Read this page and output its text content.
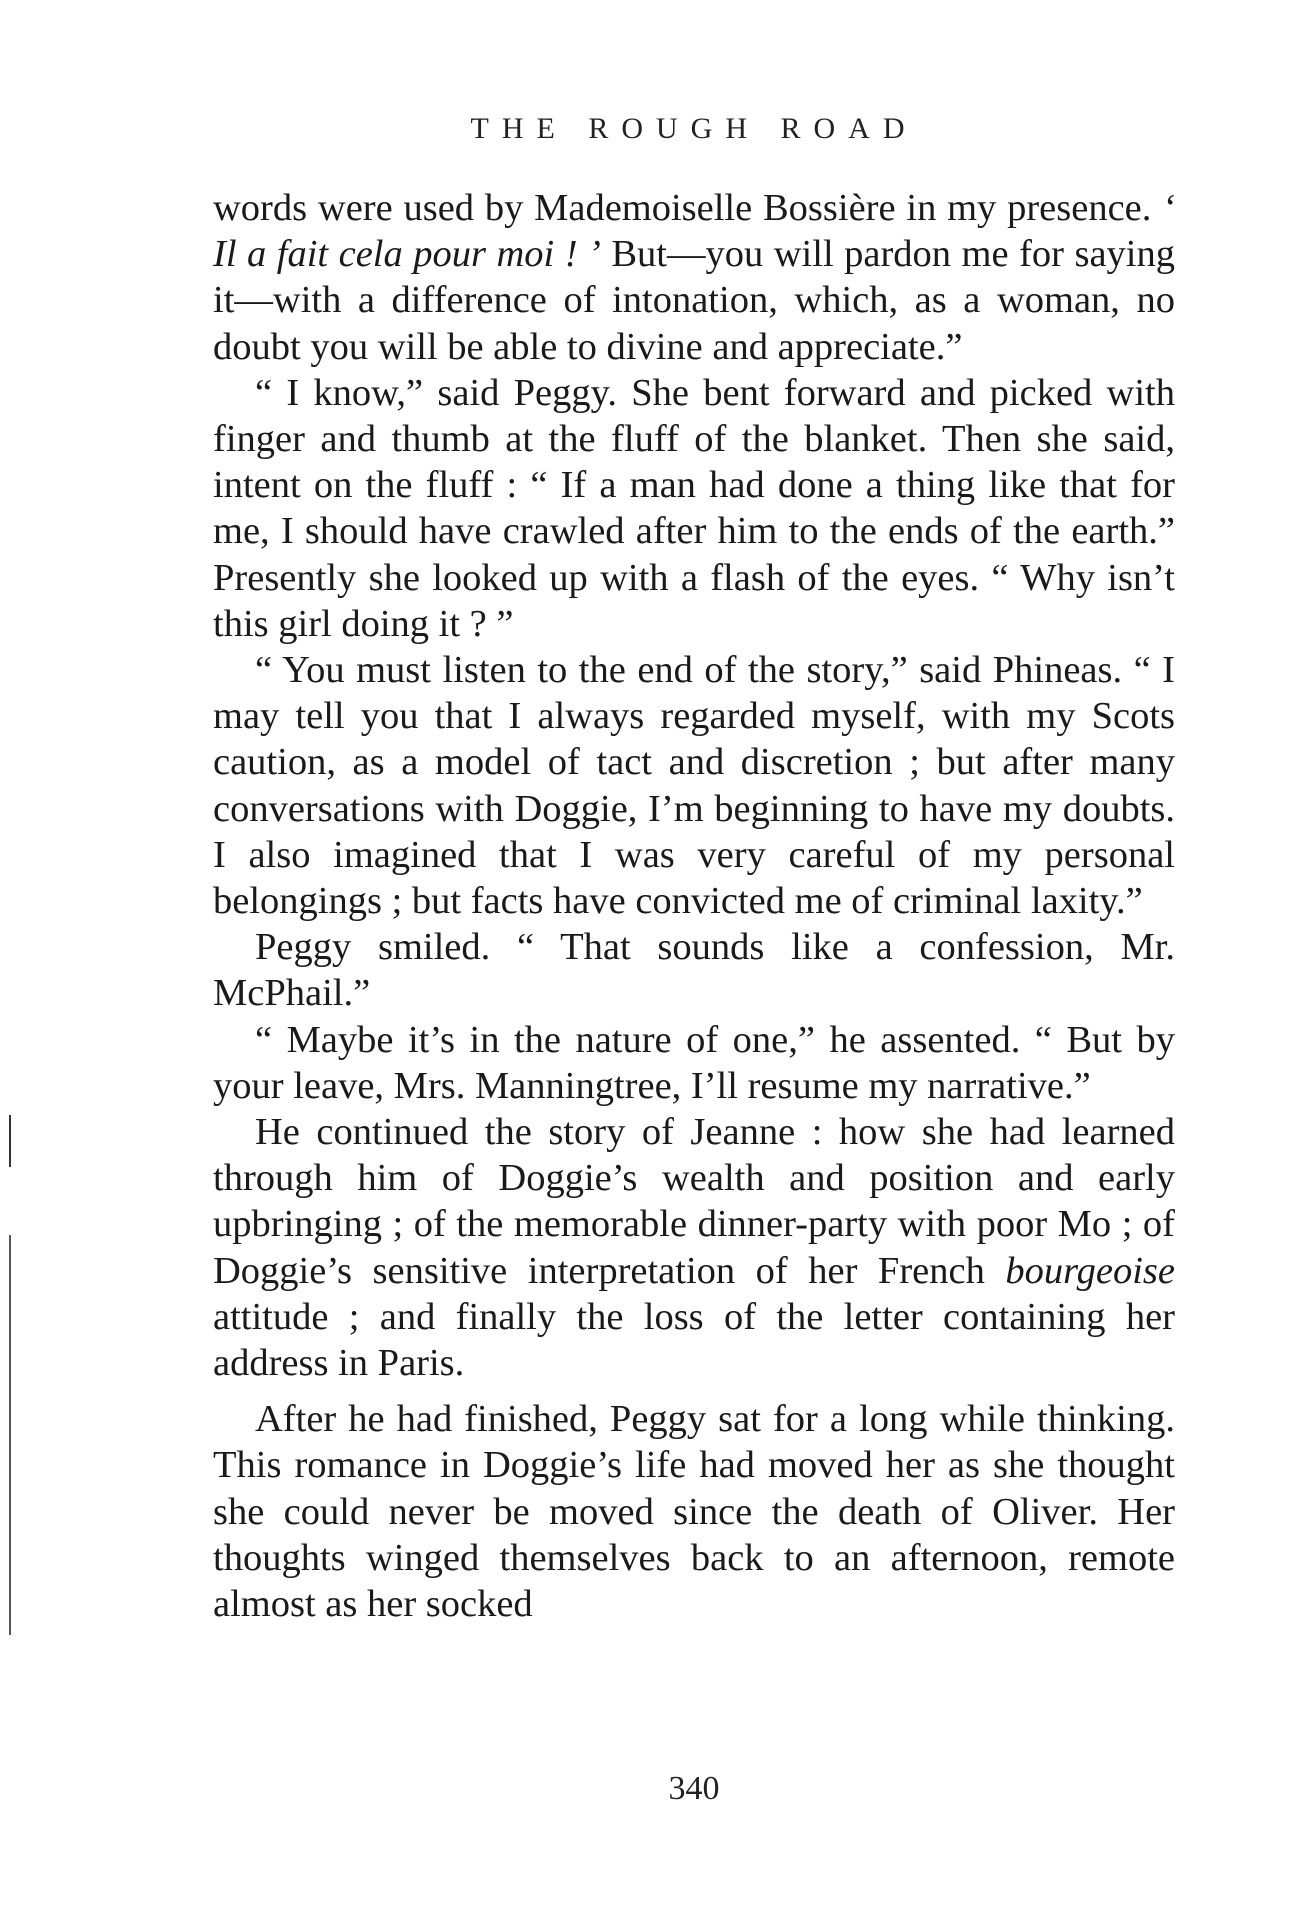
THE ROUGH ROAD

words were used by Mademoiselle Bossière in my presence. ‘ Il a fait cela pour moi ! ’ But—you will pardon me for saying it—with a difference of intonation, which, as a woman, no doubt you will be able to divine and appreciate.”

“ I know,” said Peggy. She bent forward and picked with finger and thumb at the fluff of the blanket. Then she said, intent on the fluff : “ If a man had done a thing like that for me, I should have crawled after him to the ends of the earth.” Presently she looked up with a flash of the eyes. “ Why isn’t this girl doing it ? ”

“ You must listen to the end of the story,” said Phineas. “ I may tell you that I always regarded myself, with my Scots caution, as a model of tact and discretion ; but after many conversations with Doggie, I’m beginning to have my doubts. I also imagined that I was very careful of my personal belongings ; but facts have convicted me of criminal laxity.”

Peggy smiled. “ That sounds like a confession, Mr. McPhail.”

“ Maybe it’s in the nature of one,” he assented. “ But by your leave, Mrs. Manningtree, I’ll resume my narrative.”

He continued the story of Jeanne : how she had learned through him of Doggie’s wealth and position and early upbringing ; of the memorable dinner-party with poor Mo ; of Doggie’s sensitive interpretation of her French bourgeoise attitude ; and finally the loss of the letter containing her address in Paris.

After he had finished, Peggy sat for a long while thinking. This romance in Doggie’s life had moved her as she thought she could never be moved since the death of Oliver. Her thoughts winged themselves back to an afternoon, remote almost as her socked

340
